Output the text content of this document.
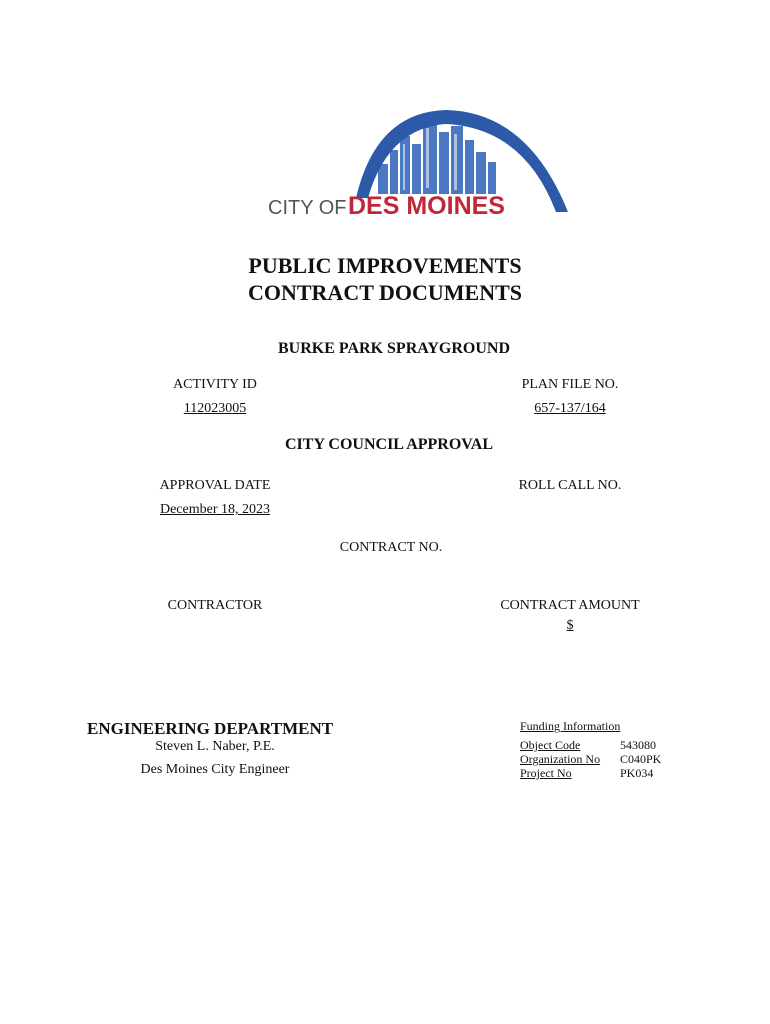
CITY OF DES MOINES
PUBLIC IMPROVEMENTS
CONTRACT DOCUMENTS
BURKE PARK SPRAYGROUND
ACTIVITY ID
112023005
PLAN FILE NO.
657-137/164
CITY COUNCIL APPROVAL
APPROVAL DATE
December 18, 2023
ROLL CALL NO.
CONTRACT NO.
CONTRACTOR	CONTRACT AMOUNT
$
ENGINEERING DEPARTMENT
Steven L. Naber, P.E.
Des Moines City Engineer
Funding Information
Object Code	543080
Organization No C040PK
Project No	PK034
